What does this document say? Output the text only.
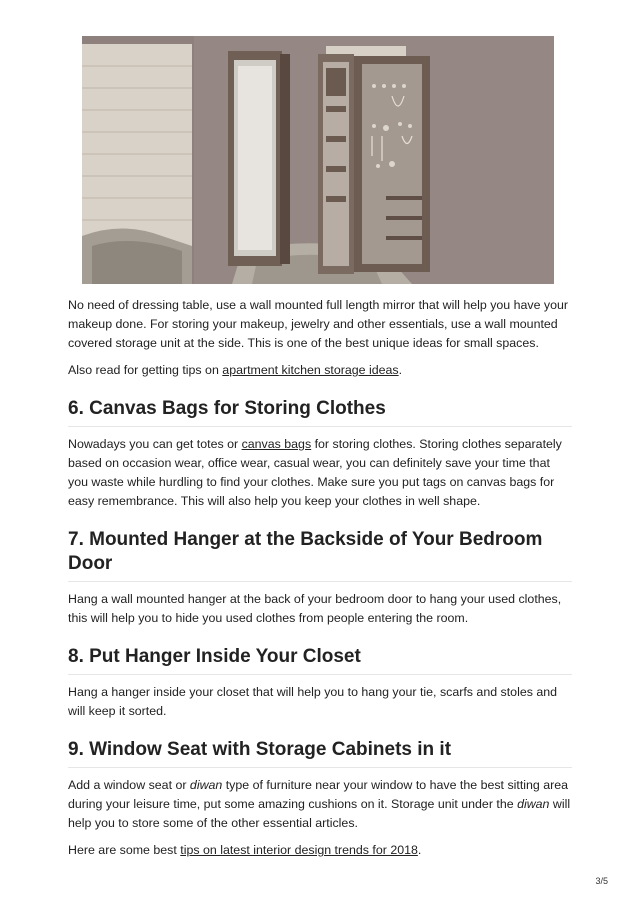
No need of dressing table, use a wall mounted full length mirror that will help you have your makeup done. For storing your makeup, jewelry and other essentials, use a wall mounted covered storage unit at the side. This is one of the best unique ideas for small spaces.

Also read for getting tips on apartment kitchen storage ideas.

6. Canvas Bags for Storing Clothes

Nowadays you can get totes or canvas bags for storing clothes. Storing clothes separately based on occasion wear, office wear, casual wear, you can definitely save your time that you waste while hurdling to find your clothes. Make sure you put tags on canvas bags for easy remembrance. This will also help you keep your clothes in well shape.

7. Mounted Hanger at the Backside of Your Bedroom Door

Hang a wall mounted hanger at the back of your bedroom door to hang your used clothes, this will help you to hide you used clothes from people entering the room.

8. Put Hanger Inside Your Closet

Hang a hanger inside your closet that will help you to hang your tie, scarfs and stoles and will keep it sorted.

9. Window Seat with Storage Cabinets in it

Add a window seat or diwan type of furniture near your window to have the best sitting area during your leisure time, put some amazing cushions on it. Storage unit under the diwan will help you to store some of the other essential articles.

Here are some best tips on latest interior design trends for 2018.

3/5
